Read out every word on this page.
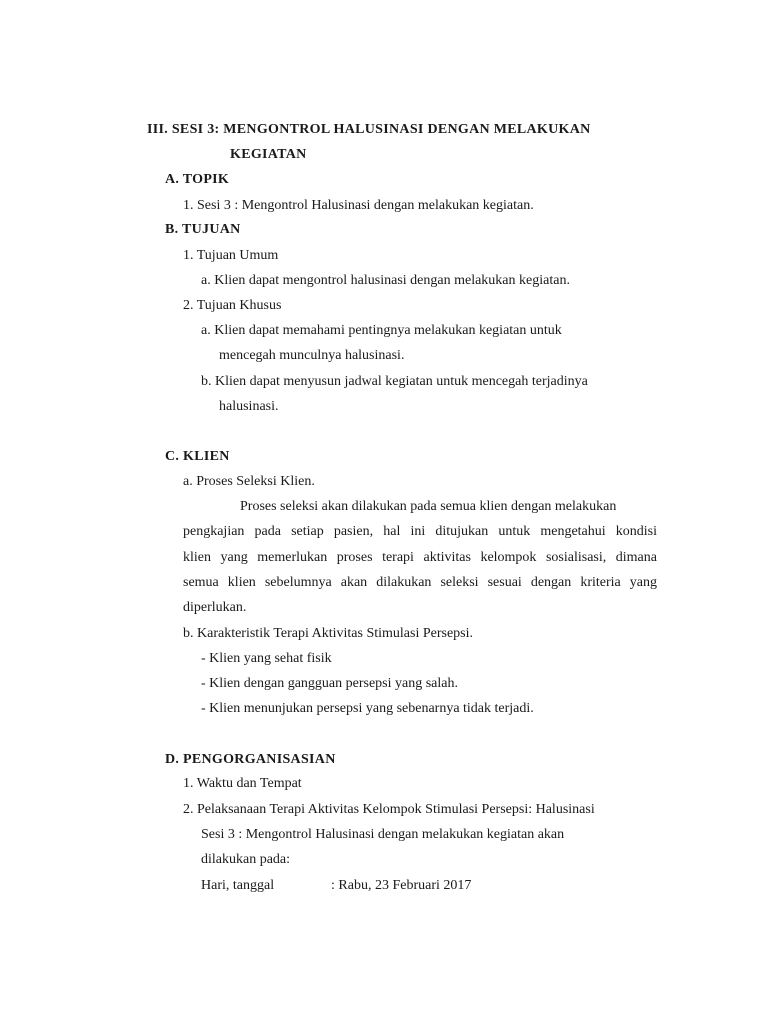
III. SESI 3: MENGONTROL HALUSINASI DENGAN MELAKUKAN
KEGIATAN
A. TOPIK
1. Sesi 3 : Mengontrol Halusinasi dengan melakukan kegiatan.
B. TUJUAN
1. Tujuan Umum
a. Klien dapat mengontrol halusinasi dengan melakukan kegiatan.
2. Tujuan Khusus
a. Klien dapat memahami pentingnya melakukan kegiatan untuk
mencegah munculnya halusinasi.
b. Klien dapat menyusun jadwal kegiatan untuk mencegah terjadinya
halusinasi.
C. KLIEN
a. Proses Seleksi Klien.
Proses seleksi akan dilakukan pada semua klien dengan melakukan
pengkajian pada setiap pasien, hal ini ditujukan untuk mengetahui kondisi
klien yang memerlukan proses terapi aktivitas kelompok sosialisasi, dimana
semua klien sebelumnya akan dilakukan seleksi sesuai dengan kriteria yang
diperlukan.
b. Karakteristik Terapi Aktivitas Stimulasi Persepsi.
- Klien yang sehat fisik
- Klien dengan gangguan persepsi yang salah.
- Klien menunjukan persepsi yang sebenarnya tidak terjadi.
D. PENGORGANISASIAN
1. Waktu dan Tempat
2. Pelaksanaan Terapi Aktivitas Kelompok Stimulasi Persepsi: Halusinasi
Sesi 3 : Mengontrol Halusinasi dengan melakukan kegiatan akan
dilakukan pada:
Hari, tanggal	: Rabu, 23 Februari 2017
